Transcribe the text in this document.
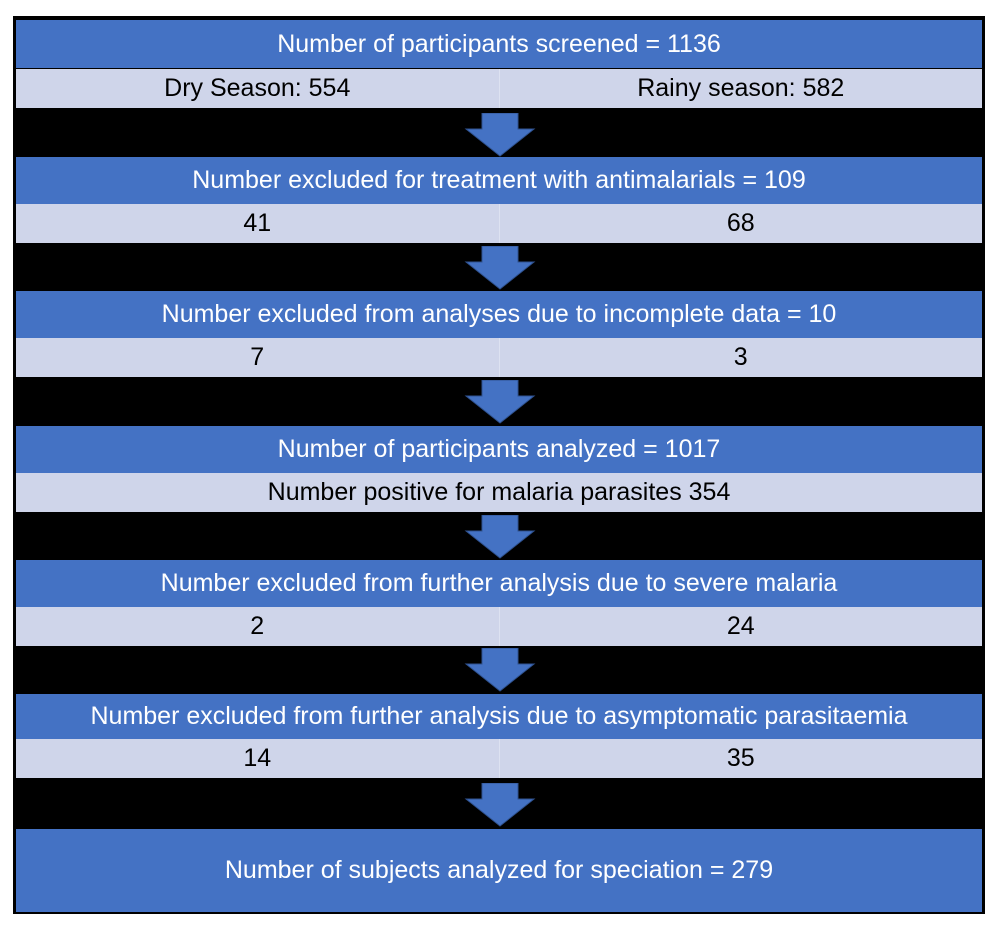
Number of participants screened = 1136
Dry Season: 554	Rainy season: 582
Number excluded for treatment with antimalarials = 109
41	68
Number excluded from analyses due to incomplete data = 10
7	3
Number of participants analyzed = 1017
Number positive for malaria parasites 354
Number excluded from further analysis due to severe malaria
2	24
Number excluded from further analysis due to asymptomatic parasitaemia
14	35
Number of subjects analyzed for speciation = 279
